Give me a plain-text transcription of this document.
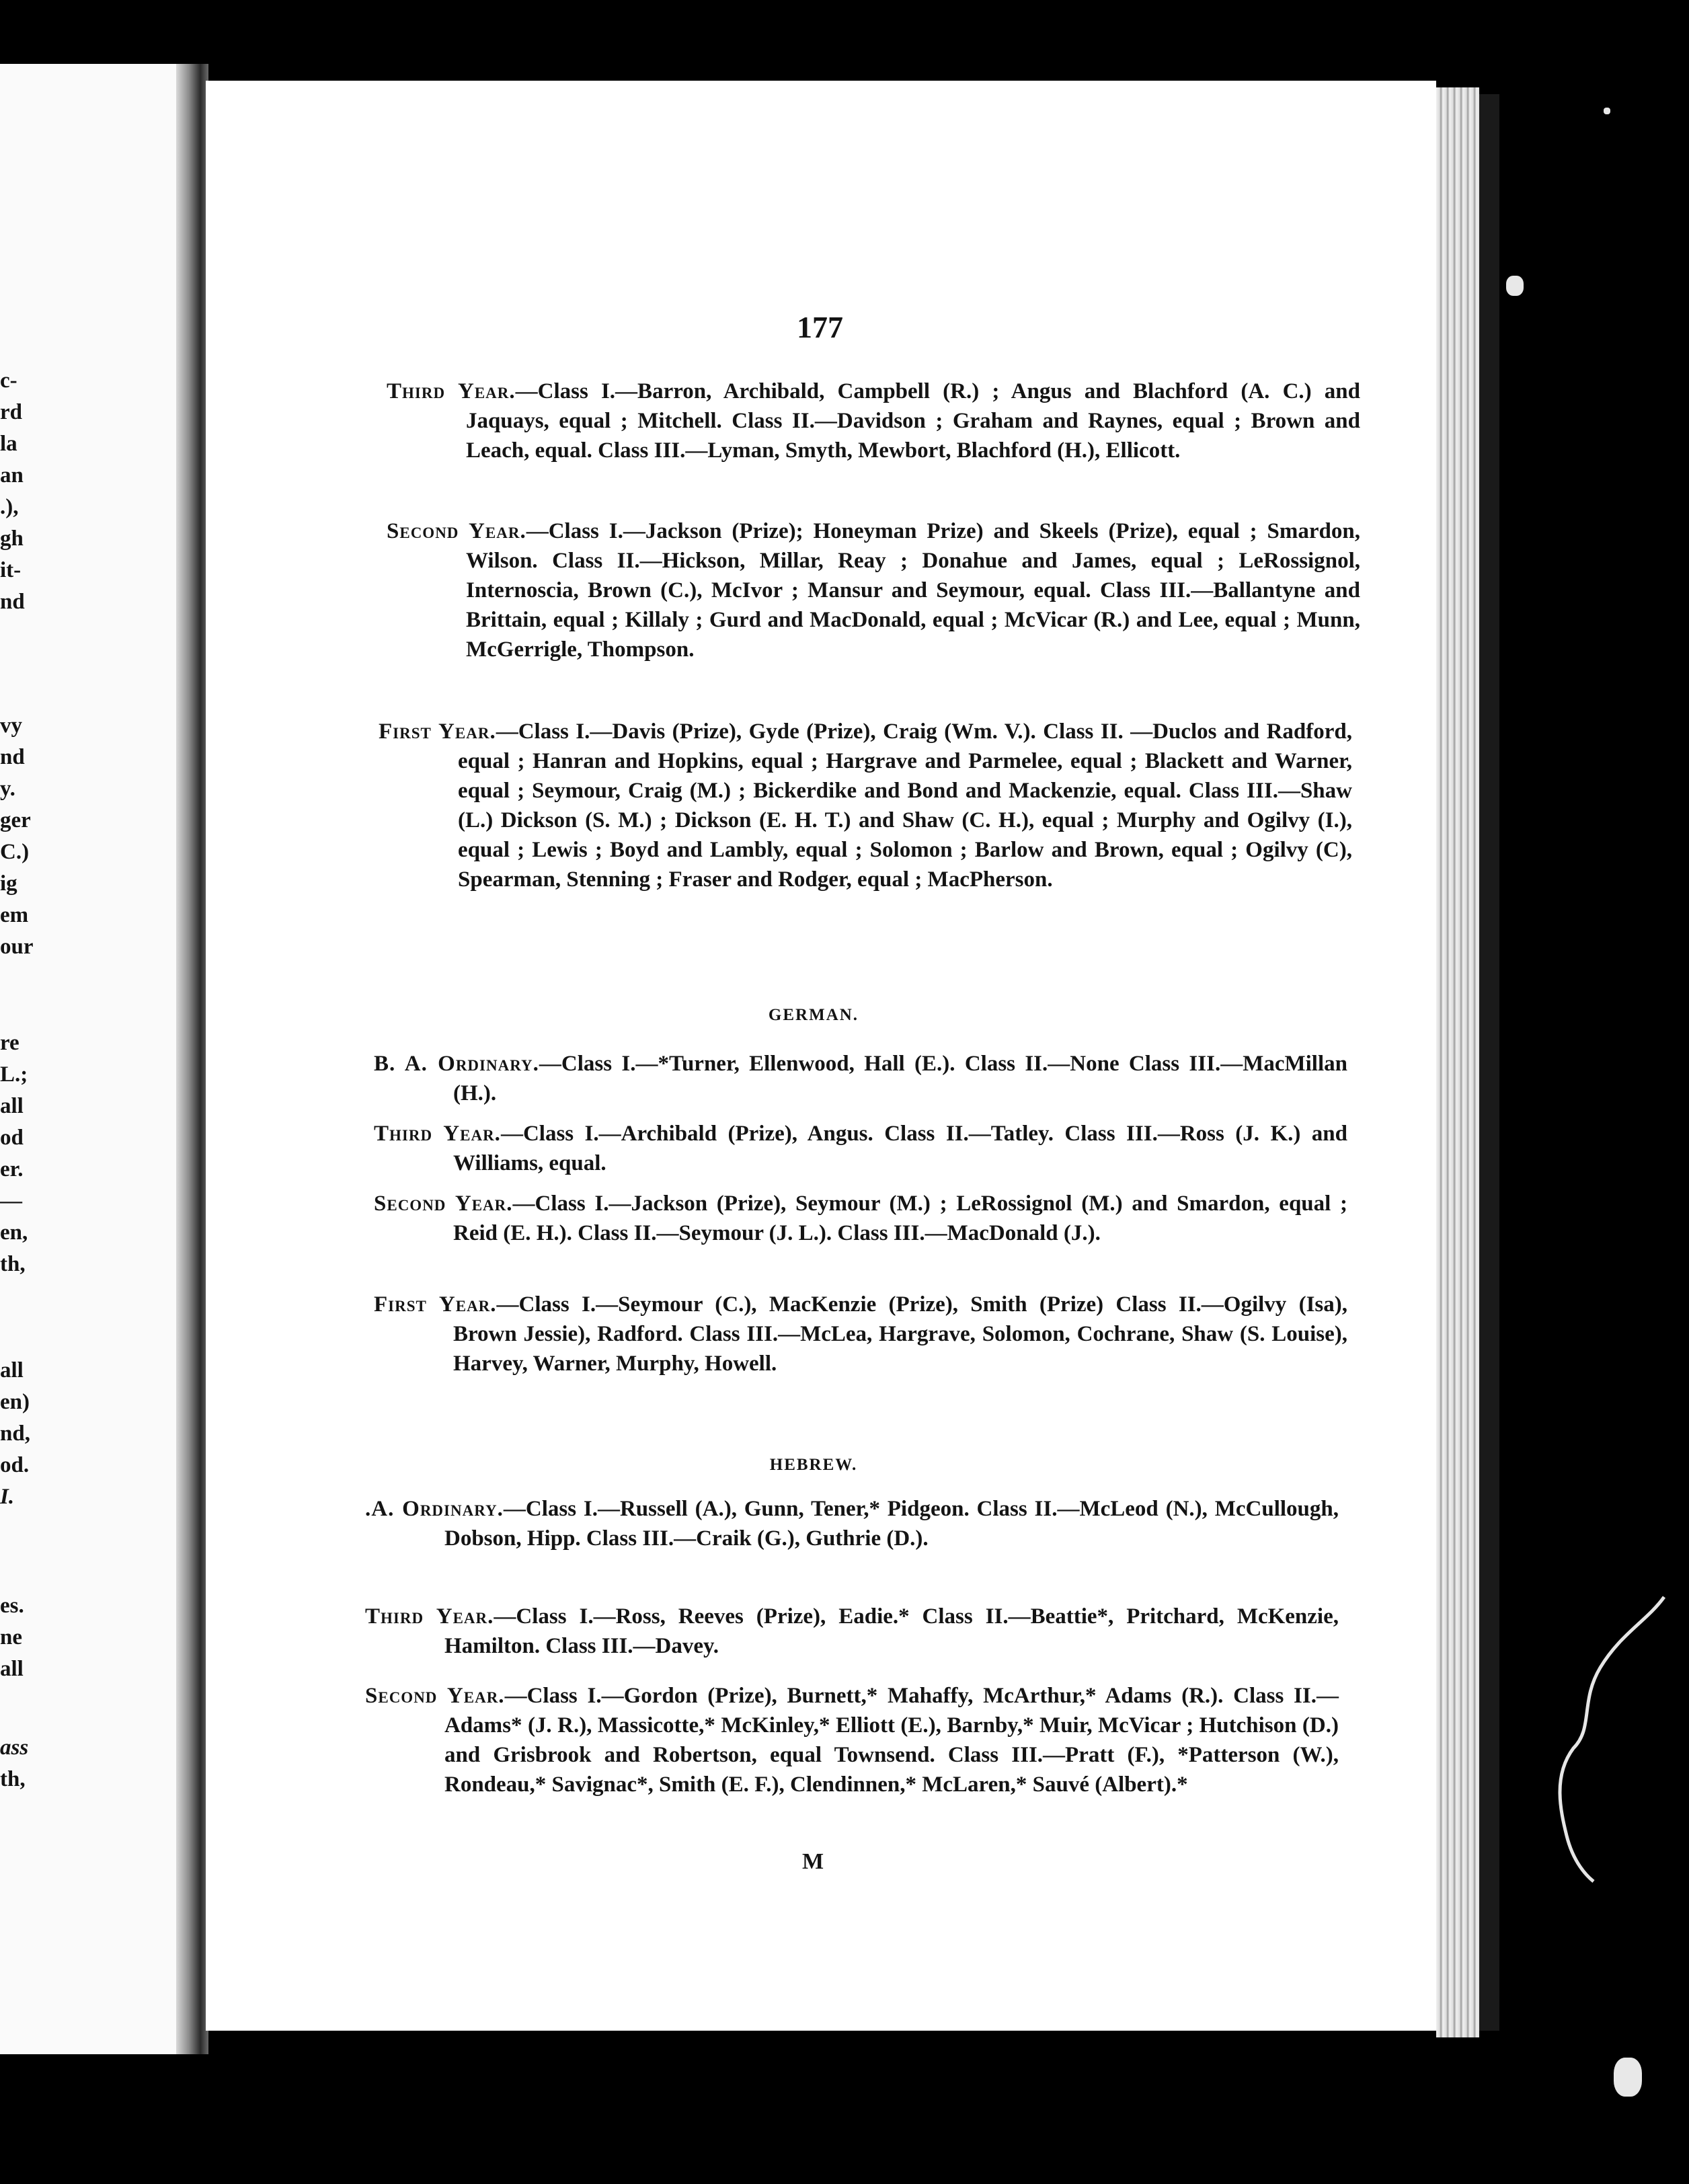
c-
rd
la
an
.),
gh
it-
nd
vy
nd
y.
ger
C.)
ig
em
our
re
L.;
all
od
er.
—
en,
th,
all
en)
nd,
od.
I.
es.
ne
all
ass
th,
177

Third Year.—Class I.—Barron, Archibald, Campbell (R.) ; Angus and Blachford (A. C.) and Jaquays, equal ; Mitchell. Class II.—Davidson ; Graham and Raynes, equal ; Brown and Leach, equal. Class III.—Lyman, Smyth, Mewbort, Blachford (H.), Ellicott.

Second Year.—Class I.—Jackson (Prize); Honeyman Prize) and Skeels (Prize), equal ; Smardon, Wilson. Class II.—Hickson, Millar, Reay ; Donahue and James, equal ; LeRossignol, Internoscia, Brown (C.), McIvor ; Mansur and Seymour, equal. Class III.—Ballantyne and Brittain, equal ; Killaly ; Gurd and MacDonald, equal ; McVicar (R.) and Lee, equal ; Munn, McGerrigle, Thompson.

First Year.—Class I.—Davis (Prize), Gyde (Prize), Craig (Wm. V.). Class II. —Duclos and Radford, equal ; Hanran and Hopkins, equal ; Hargrave and Parmelee, equal ; Blackett and Warner, equal ; Seymour, Craig (M.) ; Bickerdike and Bond and Mackenzie, equal. Class III.—Shaw (L.) Dickson (S. M.) ; Dickson (E. H. T.) and Shaw (C. H.), equal ; Murphy and Ogilvy (I.), equal ; Lewis ; Boyd and Lambly, equal ; Solomon ; Barlow and Brown, equal ; Ogilvy (C), Spearman, Stenning ; Fraser and Rodger, equal ; MacPherson.

GERMAN.

B. A. Ordinary.—Class I.—*Turner, Ellenwood, Hall (E.). Class II.—None Class III.—MacMillan (H.).

Third Year.—Class I.—Archibald (Prize), Angus. Class II.—Tatley. Class III.—Ross (J. K.) and Williams, equal.

Second Year.—Class I.—Jackson (Prize), Seymour (M.) ; LeRossignol (M.) and Smardon, equal ; Reid (E. H.). Class II.—Seymour (J. L.). Class III.—MacDonald (J.).

First Year.—Class I.—Seymour (C.), MacKenzie (Prize), Smith (Prize) Class II.—Ogilvy (Isa), Brown Jessie), Radford. Class III.—McLea, Hargrave, Solomon, Cochrane, Shaw (S. Louise), Harvey, Warner, Murphy, Howell.

HEBREW.

.A. Ordinary.—Class I.—Russell (A.), Gunn, Tener,* Pidgeon. Class II.—McLeod (N.), McCullough, Dobson, Hipp. Class III.—Craik (G.), Guthrie (D.).

Third Year.—Class I.—Ross, Reeves (Prize), Eadie.* Class II.—Beattie*, Pritchard, McKenzie, Hamilton. Class III.—Davey.

Second Year.—Class I.—Gordon (Prize), Burnett,* Mahaffy, McArthur,* Adams (R.). Class II.—Adams* (J. R.), Massicotte,* McKinley,* Elliott (E.), Barnby,* Muir, McVicar ; Hutchison (D.) and Grisbrook and Robertson, equal Townsend. Class III.—Pratt (F.), *Patterson (W.), Rondeau,* Savignac*, Smith (E. F.), Clendinnen,* McLaren,* Sauvé (Albert).*

M
